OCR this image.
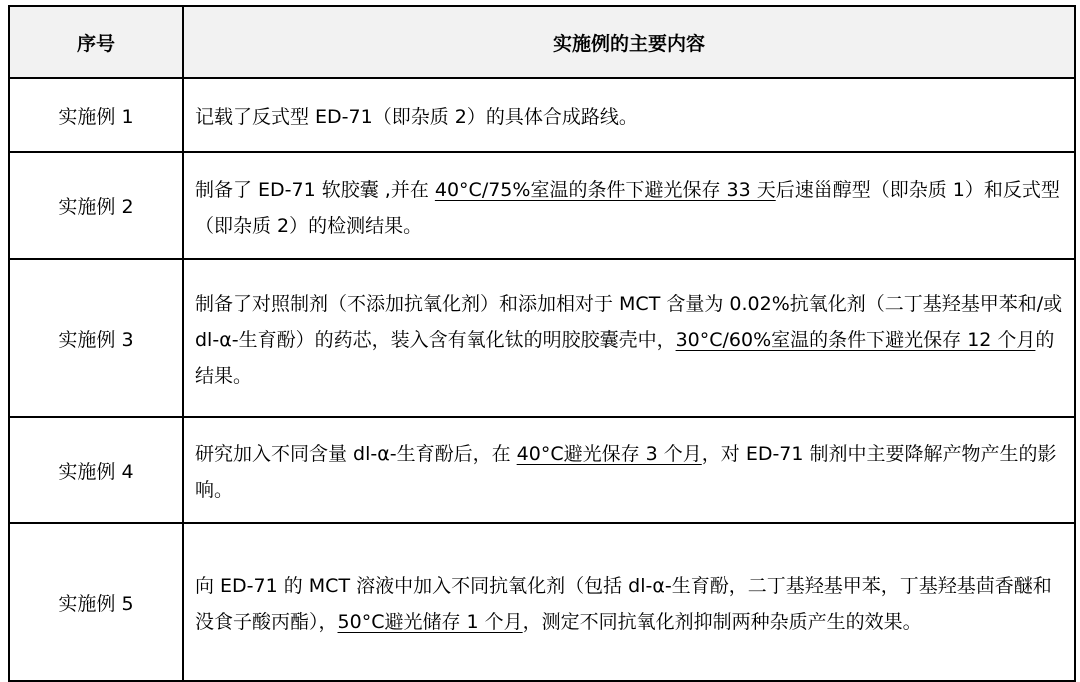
序号	实施例的主要内容
实施例 1	记载了反式型 ED-71（即杂质 2）的具体合成路线。
实施例 2	制备了 ED-71 软胶囊 ,并在 40°C/75%室温的条件下避光保存 33 天后速甾醇型（即杂质 1）和反式型（即杂质 2）的检测结果。
实施例 3	制备了对照制剂（不添加抗氧化剂）和添加相对于 MCT 含量为 0.02%抗氧化剂（二丁基羟基甲苯和/或 dl-α-生育酚）的药芯，装入含有氧化钛的明胶胶囊壳中，30°C/60%室温的条件下避光保存 12 个月的结果。
实施例 4	研究加入不同含量 dl-α-生育酚后，在 40°C避光保存 3 个月，对 ED-71 制剂中主要降解产物产生的影响。
实施例 5	向 ED-71 的 MCT 溶液中加入不同抗氧化剂（包括 dl-α-生育酚，二丁基羟基甲苯，丁基羟基茴香醚和没食子酸丙酯），50°C避光储存 1 个月，测定不同抗氧化剂抑制两种杂质产生的效果。
